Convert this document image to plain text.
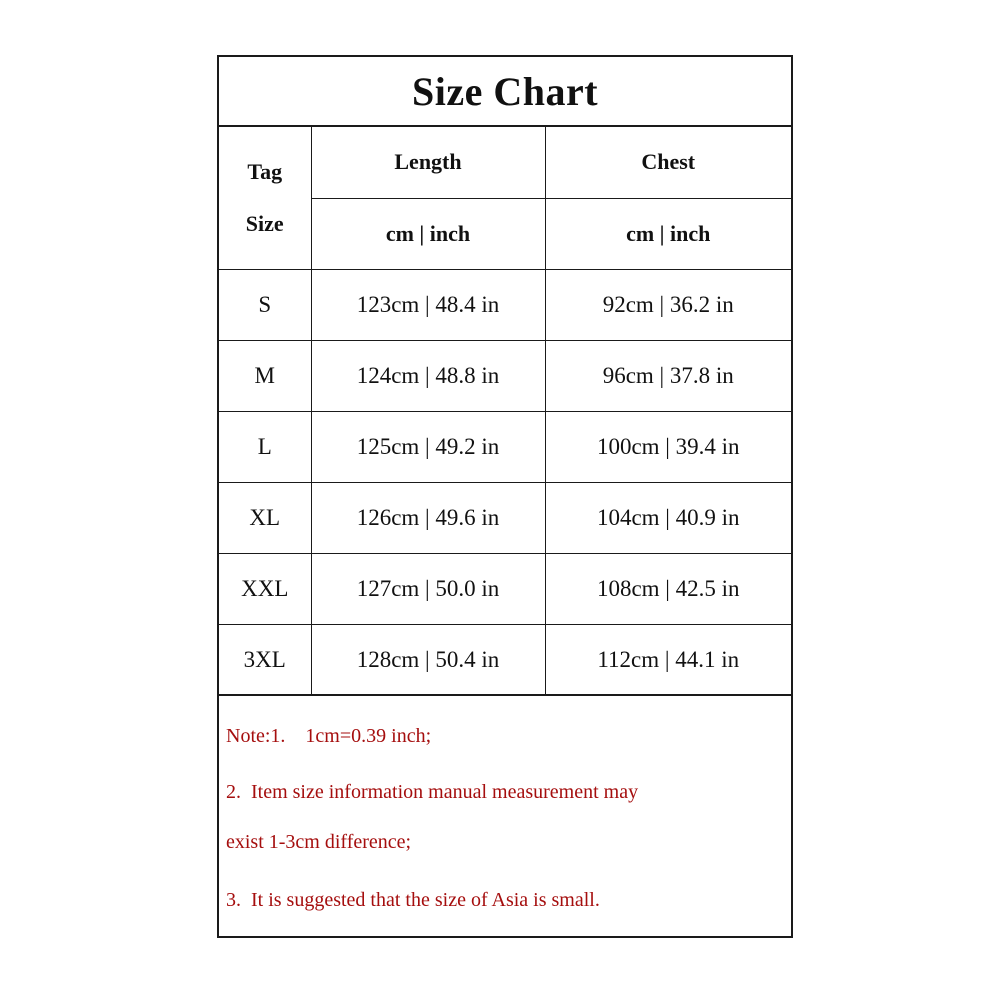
Size Chart
Tag
Size	Length	Chest
	cm | inch	cm | inch
S	123cm | 48.4 in	92cm | 36.2 in
M	124cm | 48.8 in	96cm | 37.8 in
L	125cm | 49.2 in	100cm | 39.4 in
XL	126cm | 49.6 in	104cm | 40.9 in
XXL	127cm | 50.0 in	108cm | 42.5 in
3XL	128cm | 50.4 in	112cm | 44.1 in
Note:1.    1cm=0.39 inch;
2.  Item size information manual measurement may
exist 1-3cm difference;
3.  It is suggested that the size of Asia is small.
